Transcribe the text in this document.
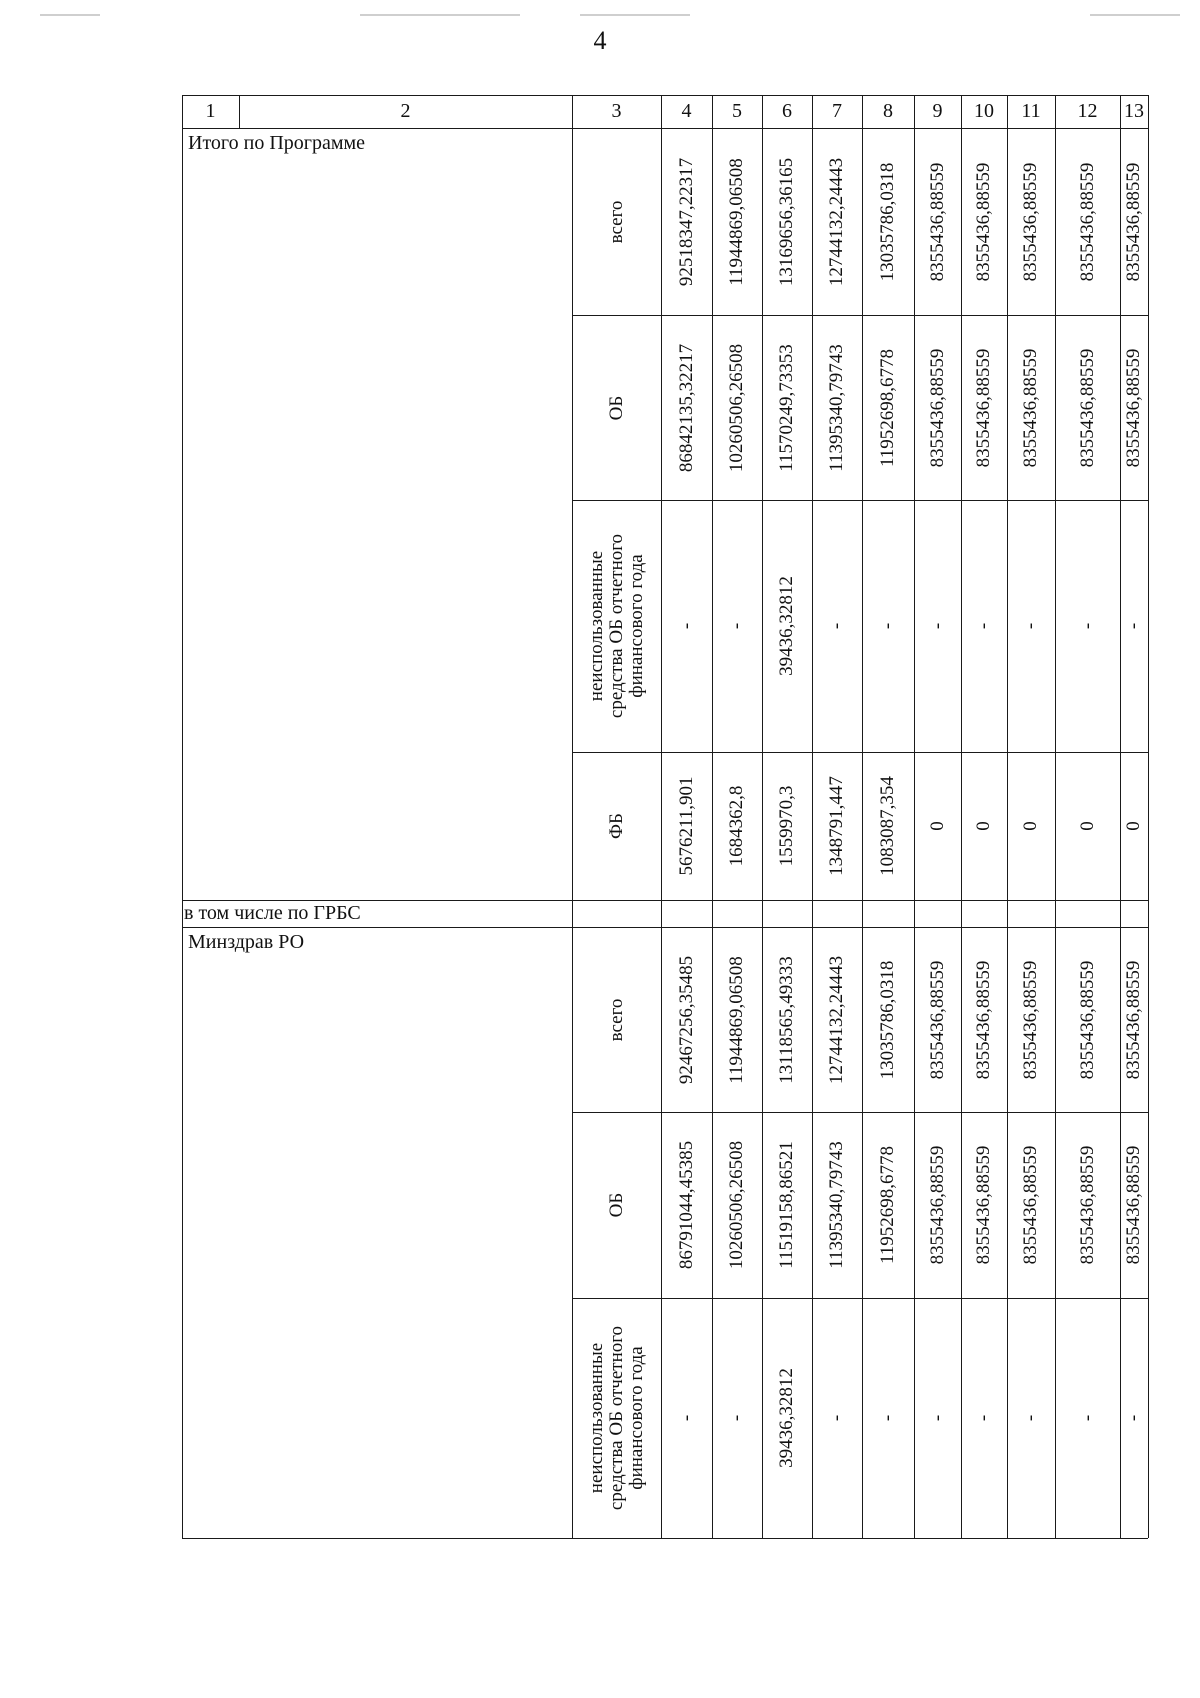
4
1	2	3	4	5	6	7	8	9	10	11	12	13
Итого по Программе
всего	92518347,22317 11944869,06508 13169656,36165 12744132,24443 13035786,0318 8355436,88559 8355436,88559 8355436,88559 8355436,88559 8355436,88559
ОБ	86842135,32217 10260506,26508 11570249,73353 11395340,79743 11952698,6778 8355436,88559 8355436,88559 8355436,88559 8355436,88559 8355436,88559
неиспользованные средства ОБ отчетного финансового года - - 39436,32812 - - - - - - -
ФБ	5676211,901 1684362,8 1559970,3 1348791,447 1083087,354 0 0 0 0 0
в том числе по ГРБС
Минздрав РО
всего	92467256,35485 11944869,06508 13118565,49333 12744132,24443 13035786,0318 8355436,88559 8355436,88559 8355436,88559 8355436,88559 8355436,88559
ОБ	86791044,45385 10260506,26508 11519158,86521 11395340,79743 11952698,6778 8355436,88559 8355436,88559 8355436,88559 8355436,88559 8355436,88559
неиспользованные средства ОБ отчетного финансового года - - 39436,32812 - - - - - - -
